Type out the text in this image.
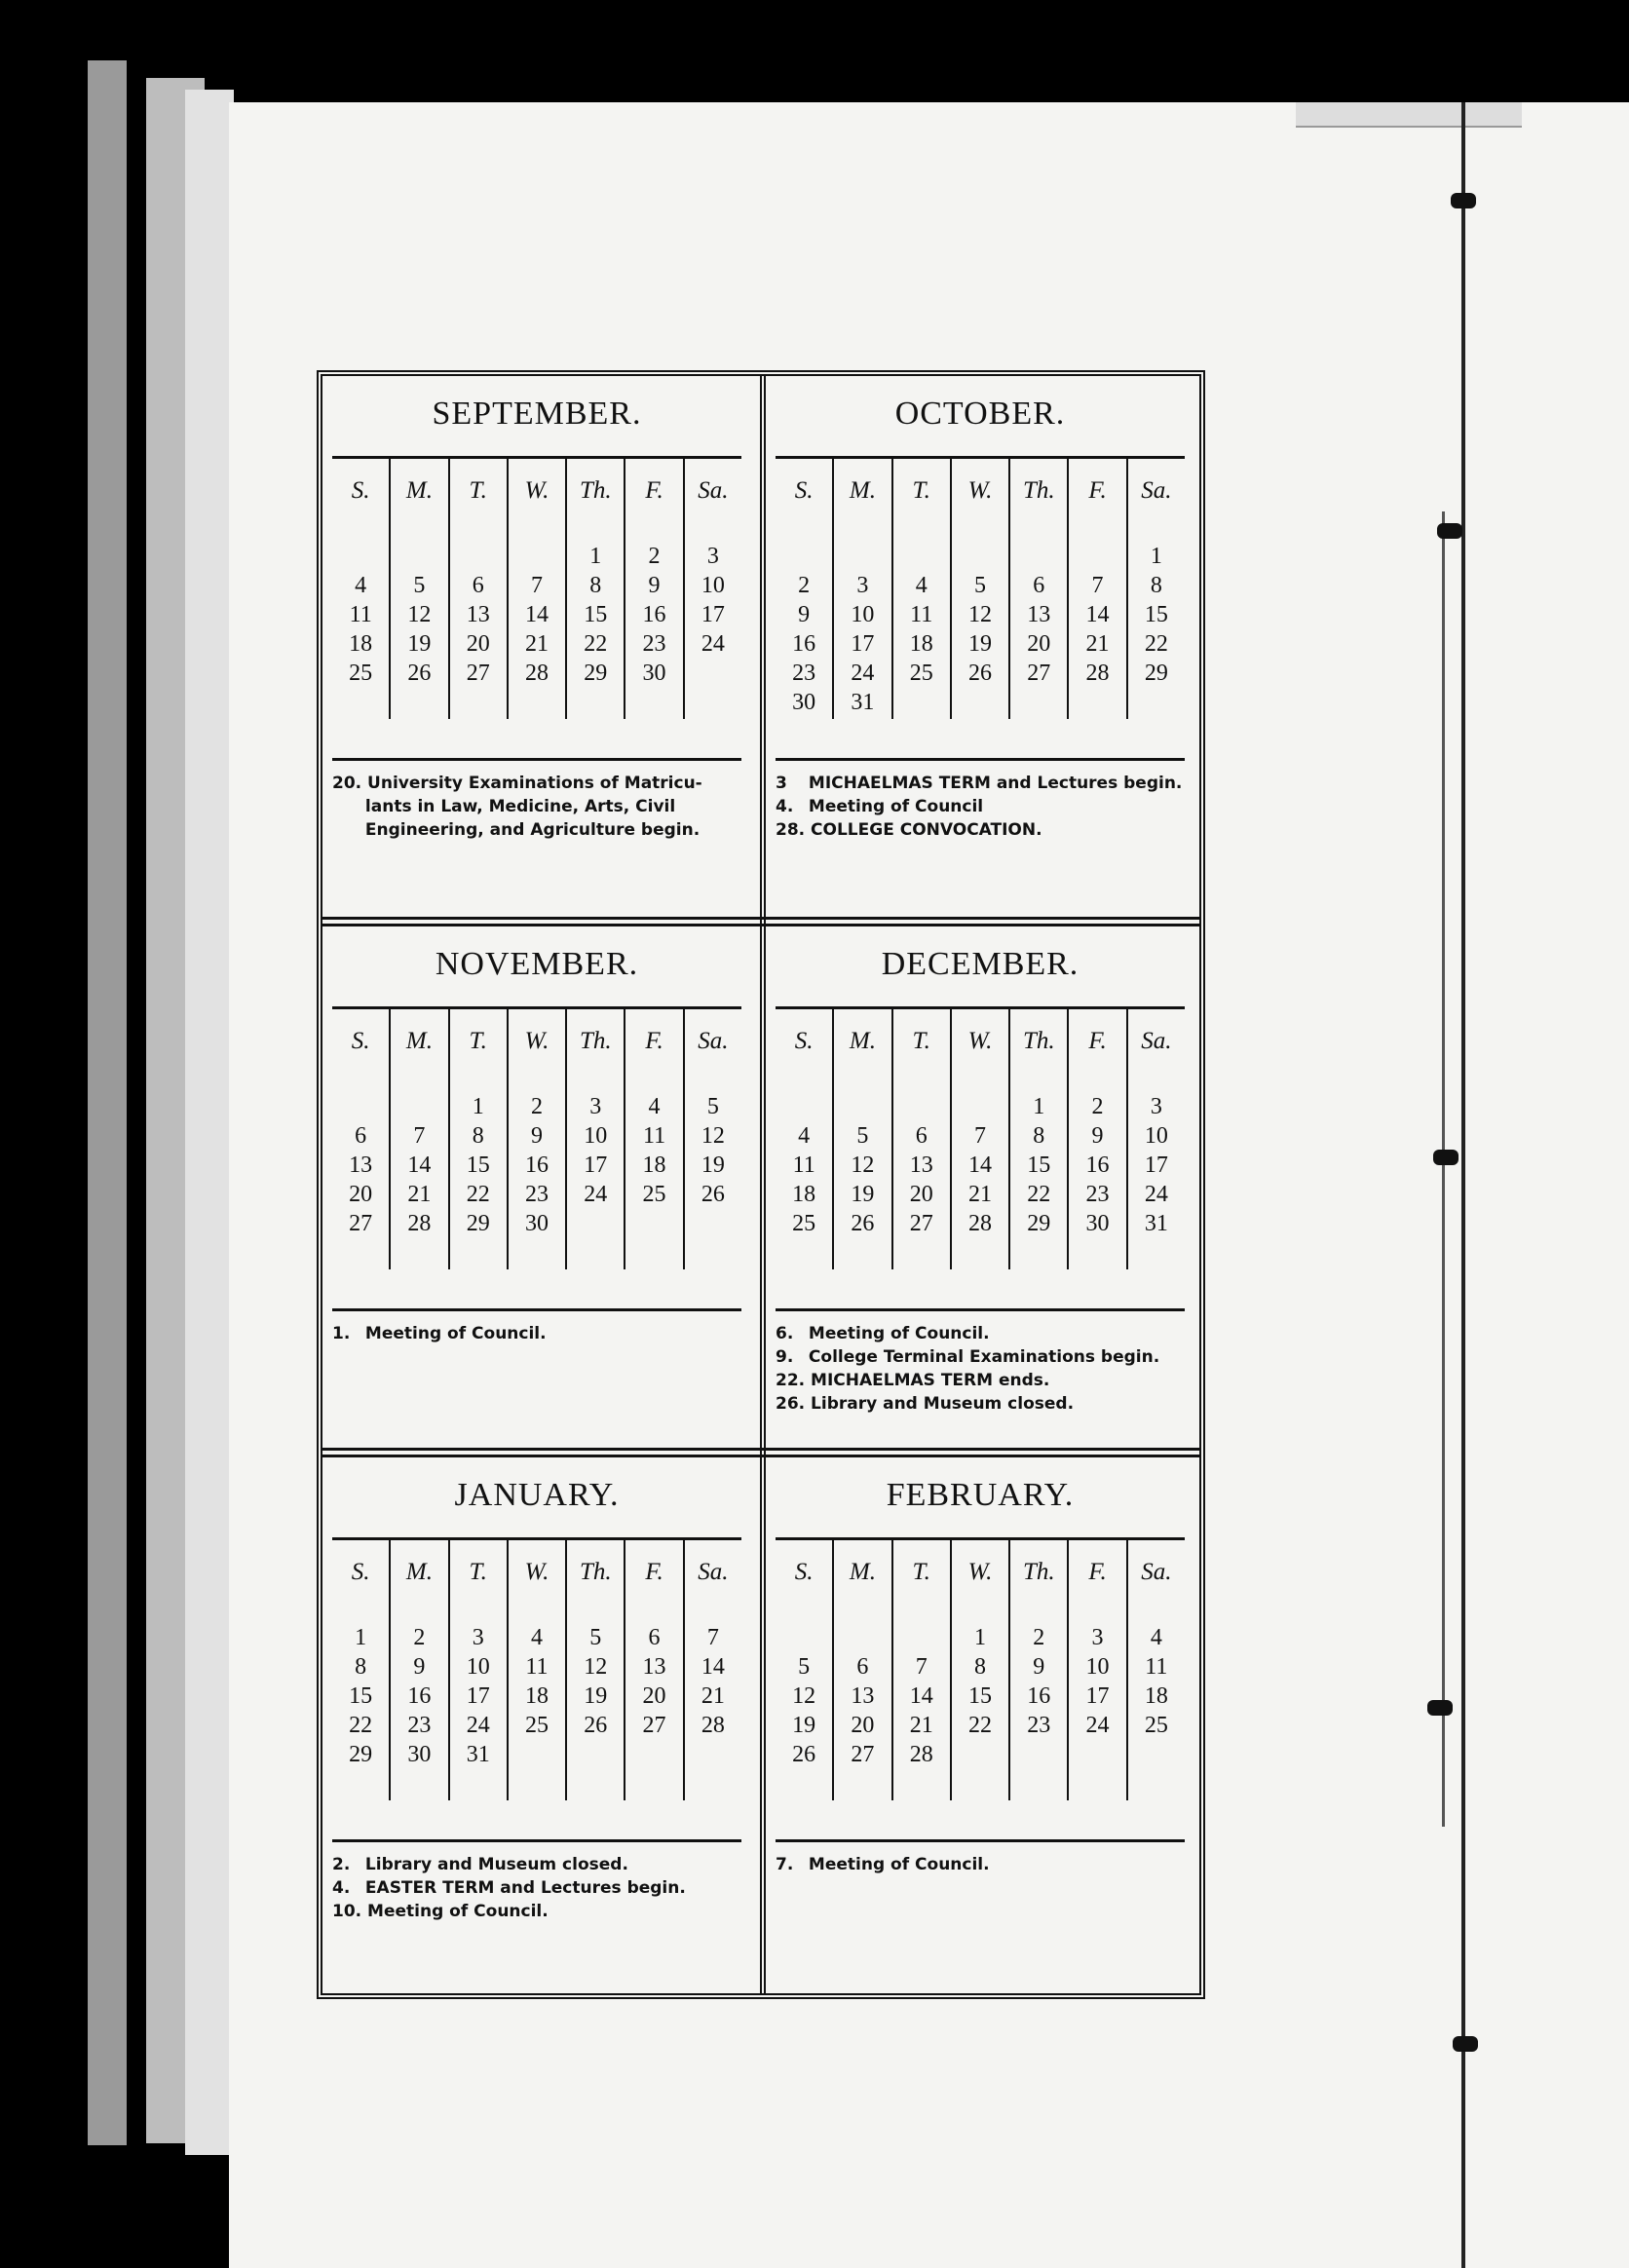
SEPTEMBER.
S.
4
11
18
25
M.
5
12
19
26
T.
6
13
20
27
W.
7
14
21
28
Th.
1
8
15
22
29
F.
2
9
16
23
30
Sa.
3
10
17
24
20. University Examinations of Matricu-
lants in Law, Medicine, Arts, Civil
Engineering, and Agriculture begin.
OCTOBER.
S.
2
9
16
23
30
M.
3
10
17
24
31
T.
4
11
18
25
W.
5
12
19
26
Th.
6
13
20
27
F.
7
14
21
28
Sa.
1
8
15
22
29
3 MICHAELMAS TERM and Lectures begin.
4. Meeting of Council
28. COLLEGE CONVOCATION.
NOVEMBER.
S.
6
13
20
27
M.
7
14
21
28
T.
1
8
15
22
29
W.
2
9
16
23
30
Th.
3
10
17
24
F.
4
11
18
25
Sa.
5
12
19
26
1. Meeting of Council.
DECEMBER.
S.
4
11
18
25
M.
5
12
19
26
T.
6
13
20
27
W.
7
14
21
28
Th.
1
8
15
22
29
F.
2
9
16
23
30
Sa.
3
10
17
24
31
6. Meeting of Council.
9. College Terminal Examinations begin.
22. MICHAELMAS TERM ends.
26. Library and Museum closed.
JANUARY.
S.
1
8
15
22
29
M.
2
9
16
23
30
T.
3
10
17
24
31
W.
4
11
18
25
Th.
5
12
19
26
F.
6
13
20
27
Sa.
7
14
21
28
2. Library and Museum closed.
4. EASTER TERM and Lectures begin.
10. Meeting of Council.
FEBRUARY.
S.
5
12
19
26
M.
6
13
20
27
T.
7
14
21
28
W.
1
8
15
22
Th.
2
9
16
23
F.
3
10
17
24
Sa.
4
11
18
25
7. Meeting of Council.
